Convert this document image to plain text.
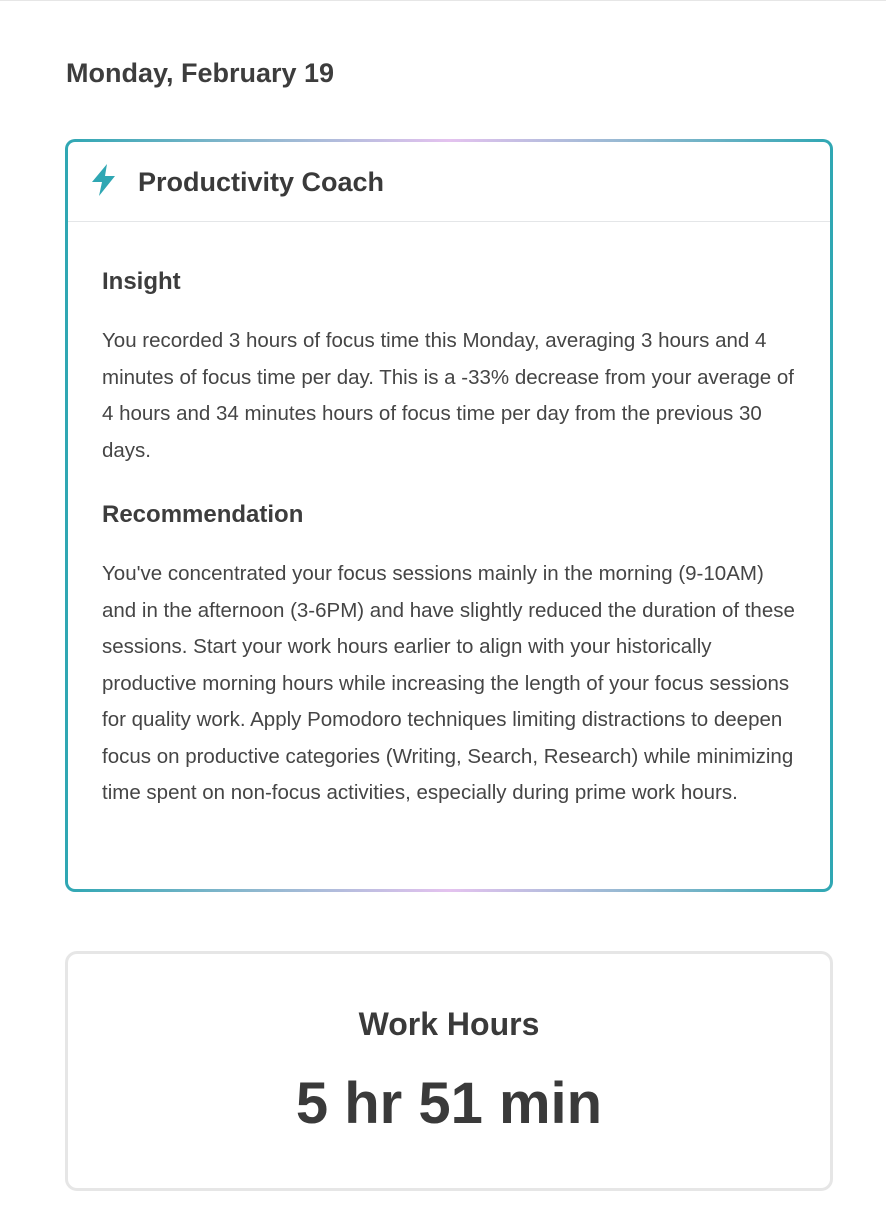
Monday, February 19
Productivity Coach
Insight

You recorded 3 hours of focus time this Monday, averaging 3 hours and 4 minutes of focus time per day. This is a -33% decrease from your average of 4 hours and 34 minutes hours of focus time per day from the previous 30 days.

Recommendation

You've concentrated your focus sessions mainly in the morning (9-10AM) and in the afternoon (3-6PM) and have slightly reduced the duration of these sessions. Start your work hours earlier to align with your historically productive morning hours while increasing the length of your focus sessions for quality work. Apply Pomodoro techniques limiting distractions to deepen focus on productive categories (Writing, Search, Research) while minimizing time spent on non-focus activities, especially during prime work hours.

Work Hours
5 hr 51 min
